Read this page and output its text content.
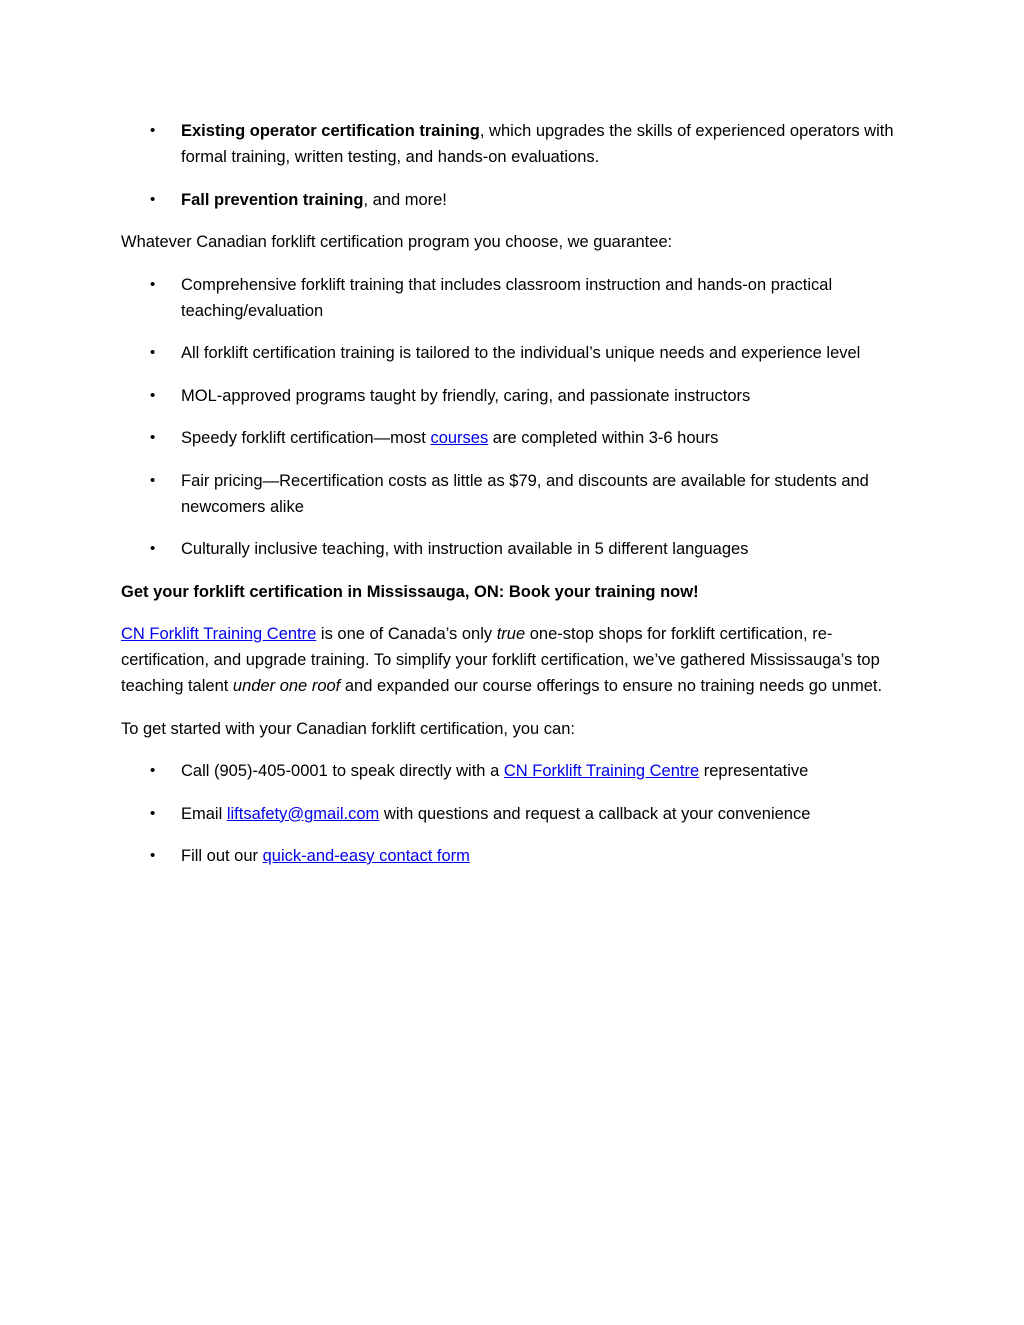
• Existing operator certification training, which upgrades the skills of experienced operators with formal training, written testing, and hands-on evaluations.
• Fall prevention training, and more!

Whatever Canadian forklift certification program you choose, we guarantee:

• Comprehensive forklift training that includes classroom instruction and hands-on practical teaching/evaluation
• All forklift certification training is tailored to the individual’s unique needs and experience level
• MOL-approved programs taught by friendly, caring, and passionate instructors
• Speedy forklift certification—most courses are completed within 3-6 hours
• Fair pricing—Recertification costs as little as $79, and discounts are available for students and newcomers alike
• Culturally inclusive teaching, with instruction available in 5 different languages

Get your forklift certification in Mississauga, ON: Book your training now!

CN Forklift Training Centre is one of Canada’s only true one-stop shops for forklift certification, re-certification, and upgrade training. To simplify your forklift certification, we’ve gathered Mississauga’s top teaching talent under one roof and expanded our course offerings to ensure no training needs go unmet.

To get started with your Canadian forklift certification, you can:

• Call (905)-405-0001 to speak directly with a CN Forklift Training Centre representative
• Email liftsafety@gmail.com with questions and request a callback at your convenience
• Fill out our quick-and-easy contact form
